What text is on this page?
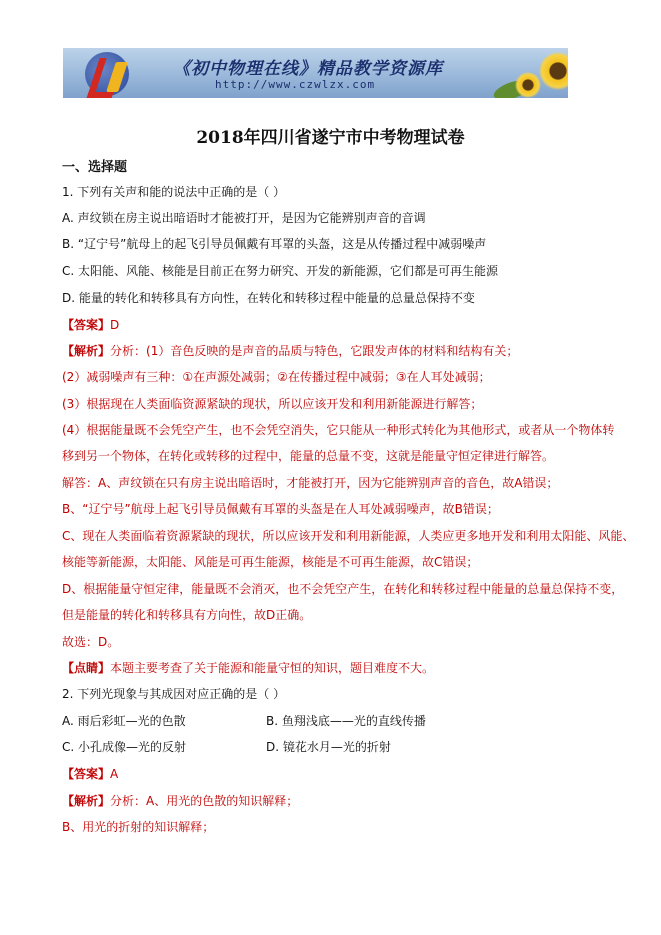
《初中物理在线》精品教学资源库
http://www.czwlzx.com
2018年四川省遂宁市中考物理试卷
一、选择题
1. 下列有关声和能的说法中正确的是（ ）
A. 声纹锁在房主说出暗语时才能被打开，是因为它能辨别声音的音调
B. “辽宁号”航母上的起飞引导员佩戴有耳罩的头盔，这是从传播过程中减弱噪声
C. 太阳能、风能、核能是目前正在努力研究、开发的新能源，它们都是可再生能源
D. 能量的转化和转移具有方向性，在转化和转移过程中能量的总量总保持不变
【答案】D
【解析】分析：(1）音色反映的是声音的品质与特色，它跟发声体的材料和结构有关；
(2）减弱噪声有三种：①在声源处减弱；②在传播过程中减弱；③在人耳处减弱；
(3）根据现在人类面临资源紧缺的现状，所以应该开发和利用新能源进行解答；
(4）根据能量既不会凭空产生，也不会凭空消失，它只能从一种形式转化为其他形式，或者从一个物体转
移到另一个物体，在转化或转移的过程中，能量的总量不变，这就是能量守恒定律进行解答。
解答：A、声纹锁在只有房主说出暗语时，才能被打开，因为它能辨别声音的音色，故A错误；
B、“辽宁号”航母上起飞引导员佩戴有耳罩的头盔是在人耳处减弱噪声，故B错误；
C、现在人类面临着资源紧缺的现状，所以应该开发和利用新能源，人类应更多地开发和利用太阳能、风能、
核能等新能源，太阳能、风能是可再生能源，核能是不可再生能源，故C错误；
D、根据能量守恒定律，能量既不会消灭，也不会凭空产生，在转化和转移过程中能量的总量总保持不变，
但是能量的转化和转移具有方向性，故D正确。
故选：D。
【点睛】本题主要考查了关于能源和能量守恒的知识，题目难度不大。
2. 下列光现象与其成因对应正确的是（ ）
A. 雨后彩虹—光的色散	B. 鱼翔浅底——光的直线传播
C. 小孔成像—光的反射	D. 镜花水月—光的折射
【答案】A
【解析】分析：A、用光的色散的知识解释；
B、用光的折射的知识解释；
